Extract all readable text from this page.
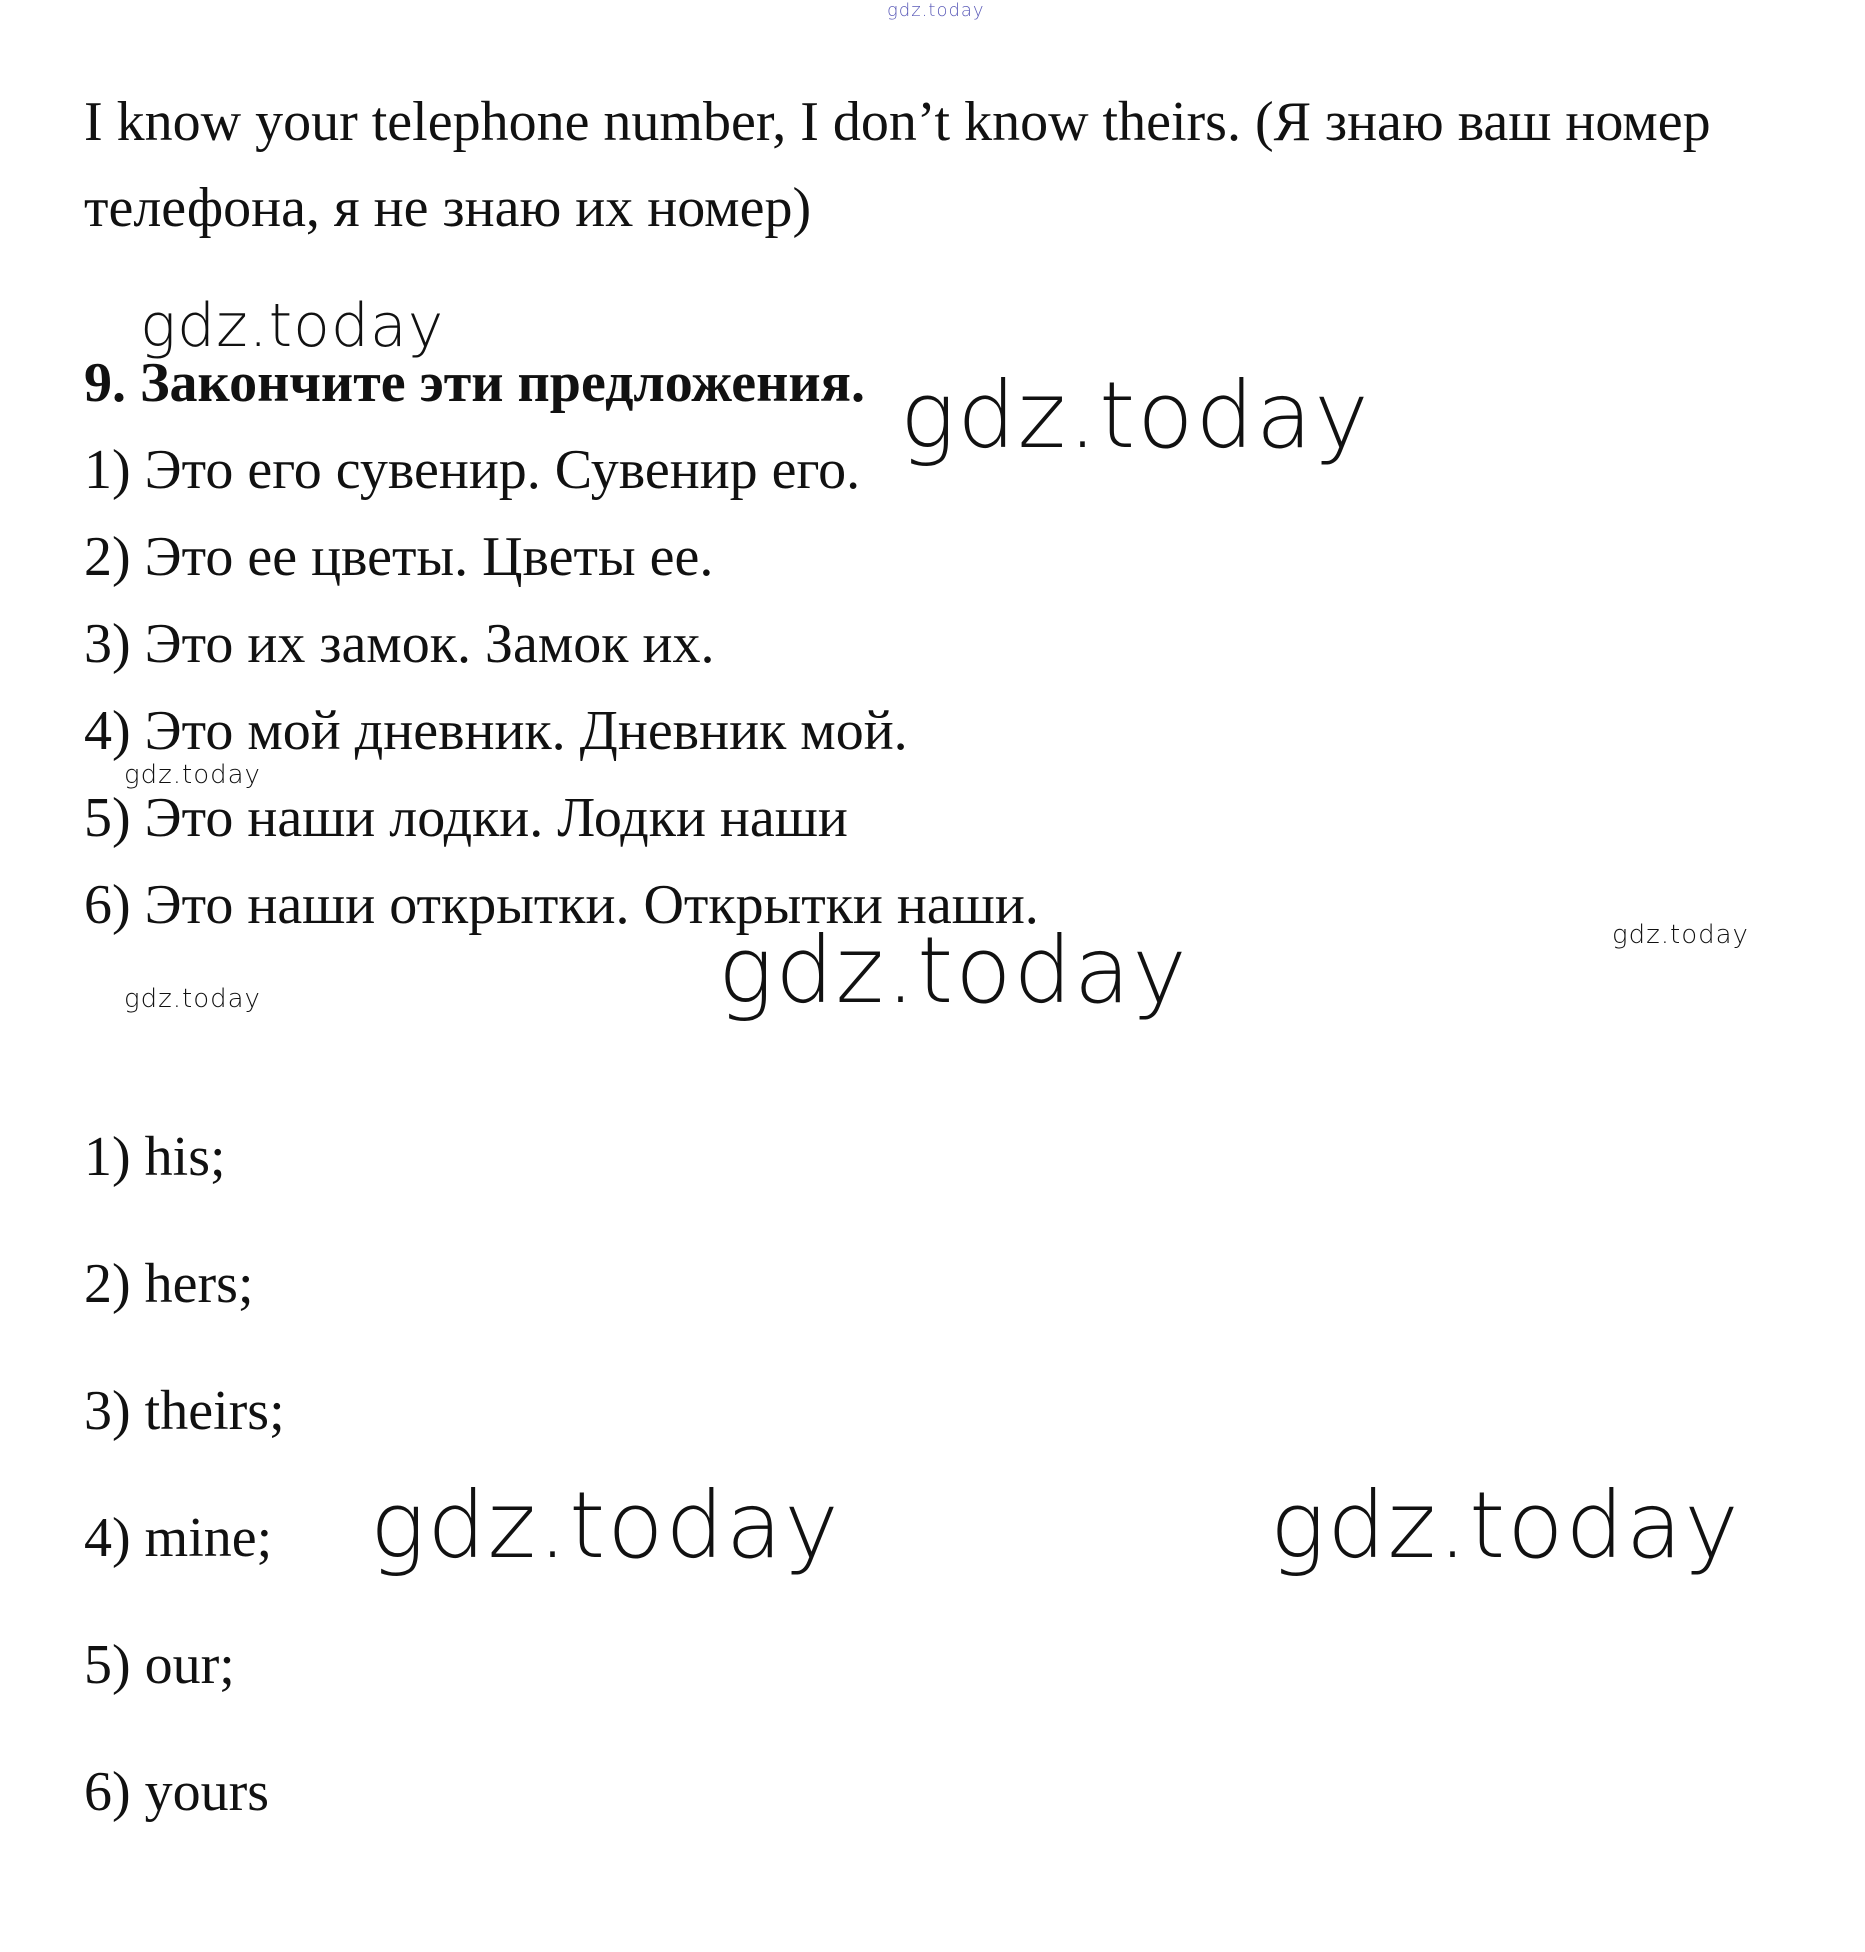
gdz.today
gdz.today
gdz.today
gdz.today
gdz.today	gdz.today
gdz.today
gdz.today	gdz.today
I know your telephone number, I don’t know theirs. (Я знаю ваш номер
телефона, я не знаю их номер)
9. Закончите эти предложения.
1) Это его сувенир. Сувенир его.
2) Это ее цветы. Цветы ее.
3) Это их замок. Замок их.
4) Это мой дневник. Дневник мой.
5) Это наши лодки. Лодки наши
6) Это наши открытки. Открытки наши.
1) his;
2) hers;
3) theirs;
4) mine;
5) our;
6) yours
